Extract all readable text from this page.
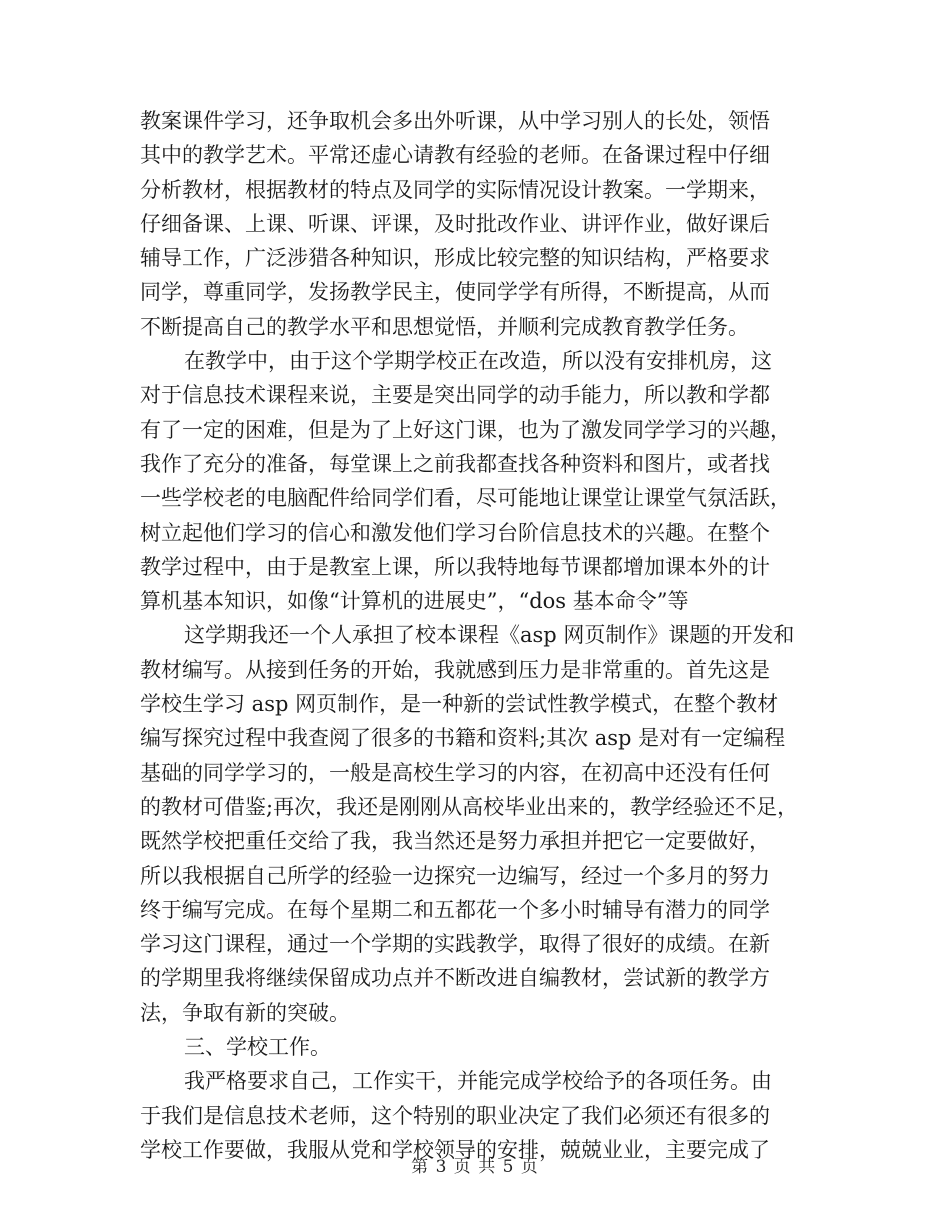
教案课件学习，还争取机会多出外听课，从中学习别人的长处，领悟
其中的教学艺术。平常还虚心请教有经验的老师。在备课过程中仔细
分析教材，根据教材的特点及同学的实际情况设计教案。一学期来，
仔细备课、上课、听课、评课，及时批改作业、讲评作业，做好课后
辅导工作，广泛涉猎各种知识，形成比较完整的知识结构，严格要求
同学，尊重同学，发扬教学民主，使同学学有所得，不断提高，从而
不断提高自己的教学水平和思想觉悟，并顺利完成教育教学任务。
在教学中，由于这个学期学校正在改造，所以没有安排机房，这
对于信息技术课程来说，主要是突出同学的动手能力，所以教和学都
有了一定的困难，但是为了上好这门课，也为了激发同学学习的兴趣，
我作了充分的准备，每堂课上之前我都查找各种资料和图片，或者找
一些学校老的电脑配件给同学们看，尽可能地让课堂让课堂气氛活跃，
树立起他们学习的信心和激发他们学习台阶信息技术的兴趣。在整个
教学过程中，由于是教室上课，所以我特地每节课都增加课本外的计
算机基本知识，如像“计算机的进展史”，“dos 基本命令”等
这学期我还一个人承担了校本课程《asp 网页制作》课题的开发和
教材编写。从接到任务的开始，我就感到压力是非常重的。首先这是
学校生学习 asp 网页制作，是一种新的尝试性教学模式，在整个教材
编写探究过程中我查阅了很多的书籍和资料;其次 asp 是对有一定编程
基础的同学学习的，一般是高校生学习的内容，在初高中还没有任何
的教材可借鉴;再次，我还是刚刚从高校毕业出来的，教学经验还不足，
既然学校把重任交给了我，我当然还是努力承担并把它一定要做好，
所以我根据自己所学的经验一边探究一边编写，经过一个多月的努力
终于编写完成。在每个星期二和五都花一个多小时辅导有潜力的同学
学习这门课程，通过一个学期的实践教学，取得了很好的成绩。在新
的学期里我将继续保留成功点并不断改进自编教材，尝试新的教学方
法，争取有新的突破。
三、学校工作。
我严格要求自己，工作实干，并能完成学校给予的各项任务。由
于我们是信息技术老师，这个特别的职业决定了我们必须还有很多的
学校工作要做，我服从党和学校领导的安排，兢兢业业，主要完成了
第 3 页 共 5 页
